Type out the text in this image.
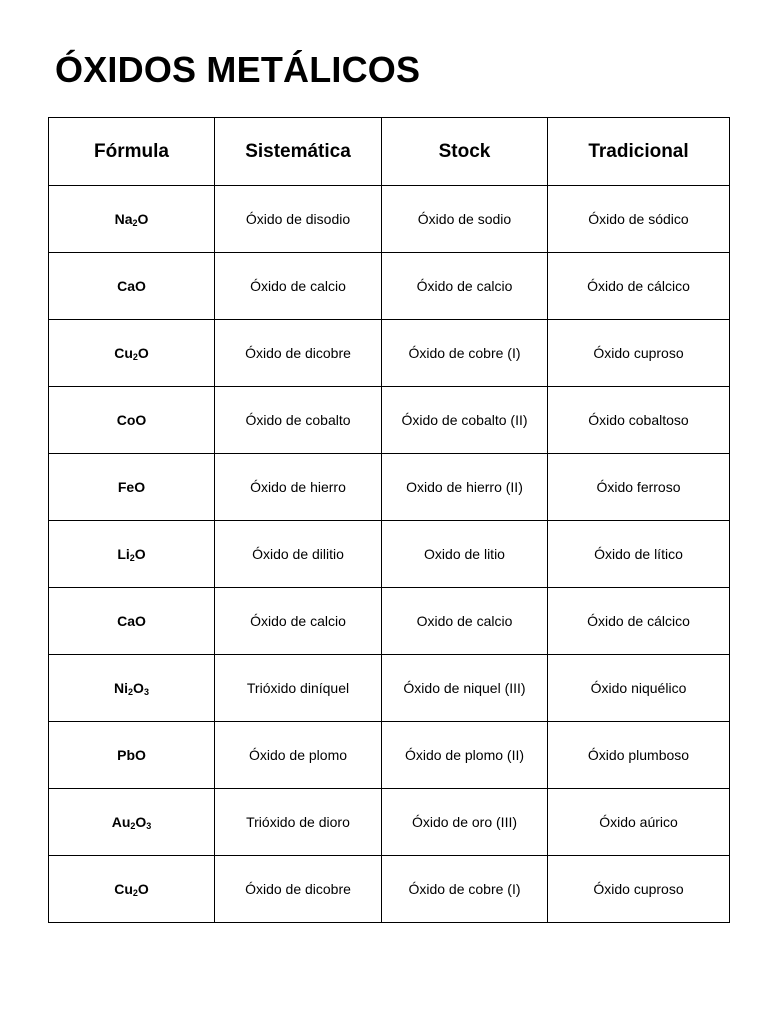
ÓXIDOS METÁLICOS
Fórmula	Sistemática	Stock	Tradicional
$Na_2O$	Óxido de disodio	Óxido de sodio	Óxido de sódico
CaO	Óxido de calcio	Óxido de calcio	Óxido de cálcico
$Cu_2O$	Óxido de dicobre	Óxido de cobre (I)	Óxido cuproso
CoO	Óxido de cobalto	Óxido de cobalto (II)	Óxido cobaltoso
FeO	Óxido de hierro	Oxido de hierro (II)	Óxido ferroso
$Li_2O$	Óxido de dilitio	Oxido de litio	Óxido de lítico
CaO	Óxido de calcio	Oxido de calcio	Óxido de cálcico
$Ni_2O_3$	Trióxido diníquel	Óxido de niquel (III)	Óxido niquélico
PbO	Óxido de plomo	Óxido de plomo (II)	Óxido plumboso
$Au_2O_3$	Trióxido de dioro	Óxido de oro (III)	Óxido aúrico
$Cu_2O$	Óxido de dicobre	Óxido de cobre (I)	Óxido cuproso
